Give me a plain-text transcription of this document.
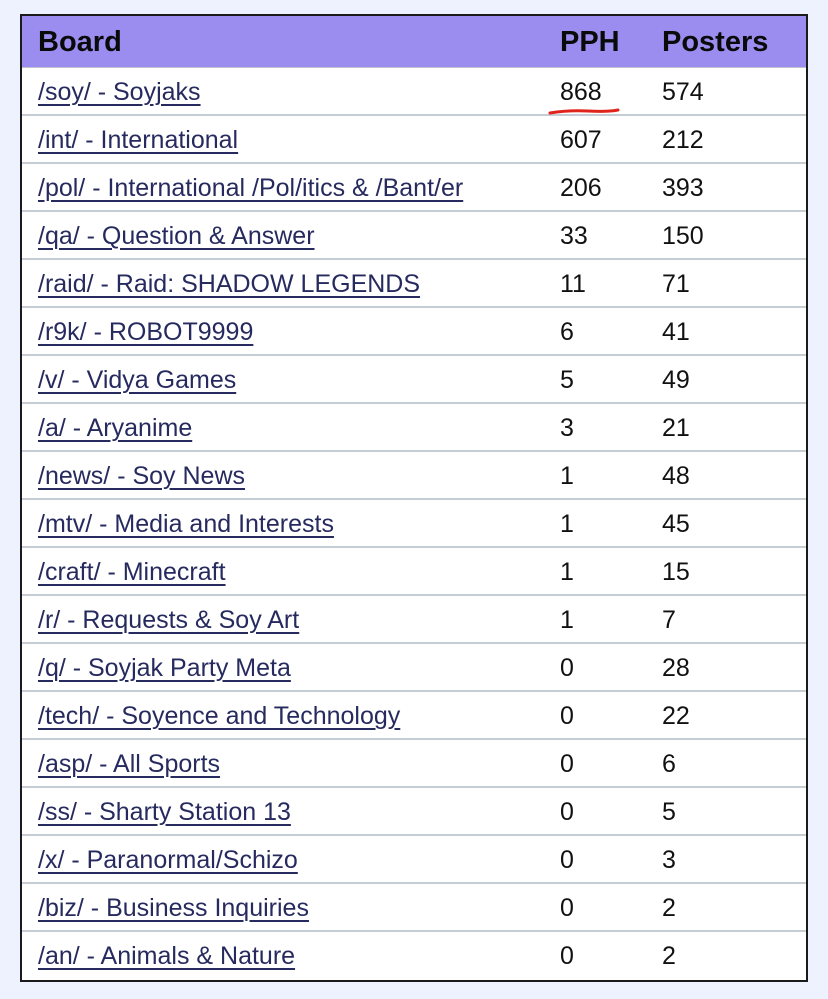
Board	PPH Posters
/soy/ - Soyjaks	868 574
/int/ - International	607 212
/pol/ - International /Pol/itics & /Bant/er	206 393
/qa/ - Question & Answer	33	150
/raid/ - Raid: SHADOW LEGENDS	11	71
/r9k/ - ROBOT9999	6	41
/v/ - Vidya Games	5	49
/a/ - Aryanime	3	21
/news/ - Soy News	1	48
/mtv/ - Media and Interests	1	45
/craft/ - Minecraft	1	15
/r/ - Requests & Soy Art	1	7
/q/ - Soyjak Party Meta	0	28
/tech/ - Soyence and Technology	0	22
/asp/ - All Sports	0	6
/ss/ - Sharty Station 13	0	5
/x/ - Paranormal/Schizo	0	3
/biz/ - Business Inquiries	0	2
/an/ - Animals & Nature	0	2
